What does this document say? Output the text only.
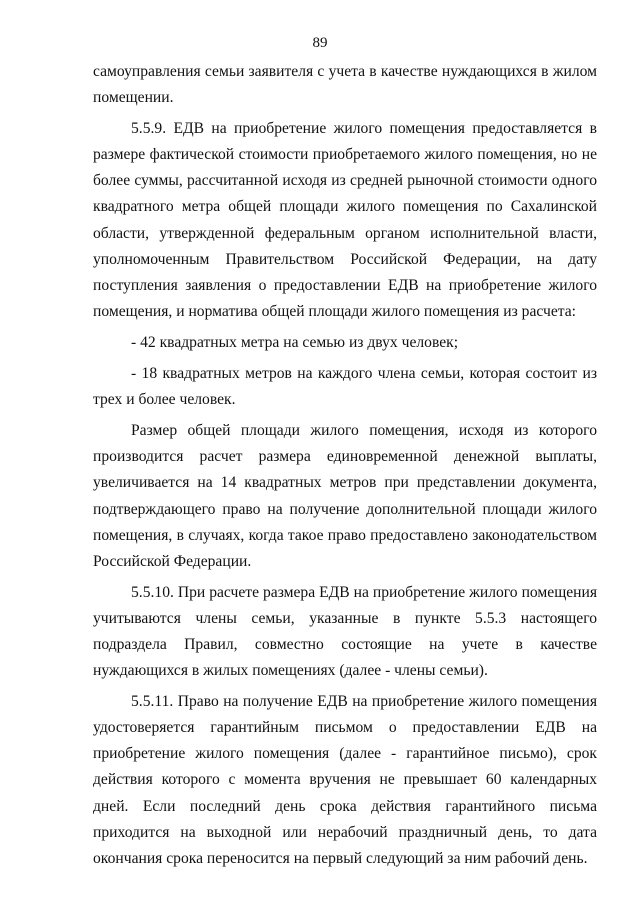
89

самоуправления семьи заявителя с учета в качестве нуждающихся в жилом помещении.

5.5.9. ЕДВ на приобретение жилого помещения предоставляется в размере фактической стоимости приобретаемого жилого помещения, но не более суммы, рассчитанной исходя из средней рыночной стоимости одного квадратного метра общей площади жилого помещения по Сахалинской области, утвержденной федеральным органом исполнительной власти, уполномоченным Правительством Российской Федерации, на дату поступления заявления о предоставлении ЕДВ на приобретение жилого помещения, и норматива общей площади жилого помещения из расчета:

- 42 квадратных метра на семью из двух человек;

- 18 квадратных метров на каждого члена семьи, которая состоит из трех и более человек.

Размер общей площади жилого помещения, исходя из которого производится расчет размера единовременной денежной выплаты, увеличивается на 14 квадратных метров при представлении документа, подтверждающего право на получение дополнительной площади жилого помещения, в случаях, когда такое право предоставлено законодательством Российской Федерации.

5.5.10. При расчете размера ЕДВ на приобретение жилого помещения учитываются члены семьи, указанные в пункте 5.5.3 настоящего подраздела Правил, совместно состоящие на учете в качестве нуждающихся в жилых помещениях (далее - члены семьи).

5.5.11. Право на получение ЕДВ на приобретение жилого помещения удостоверяется гарантийным письмом о предоставлении ЕДВ на приобретение жилого помещения (далее - гарантийное письмо), срок действия которого с момента вручения не превышает 60 календарных дней. Если последний день срока действия гарантийного письма приходится на выходной или нерабочий праздничный день, то дата окончания срока переносится на первый следующий за ним рабочий день.
